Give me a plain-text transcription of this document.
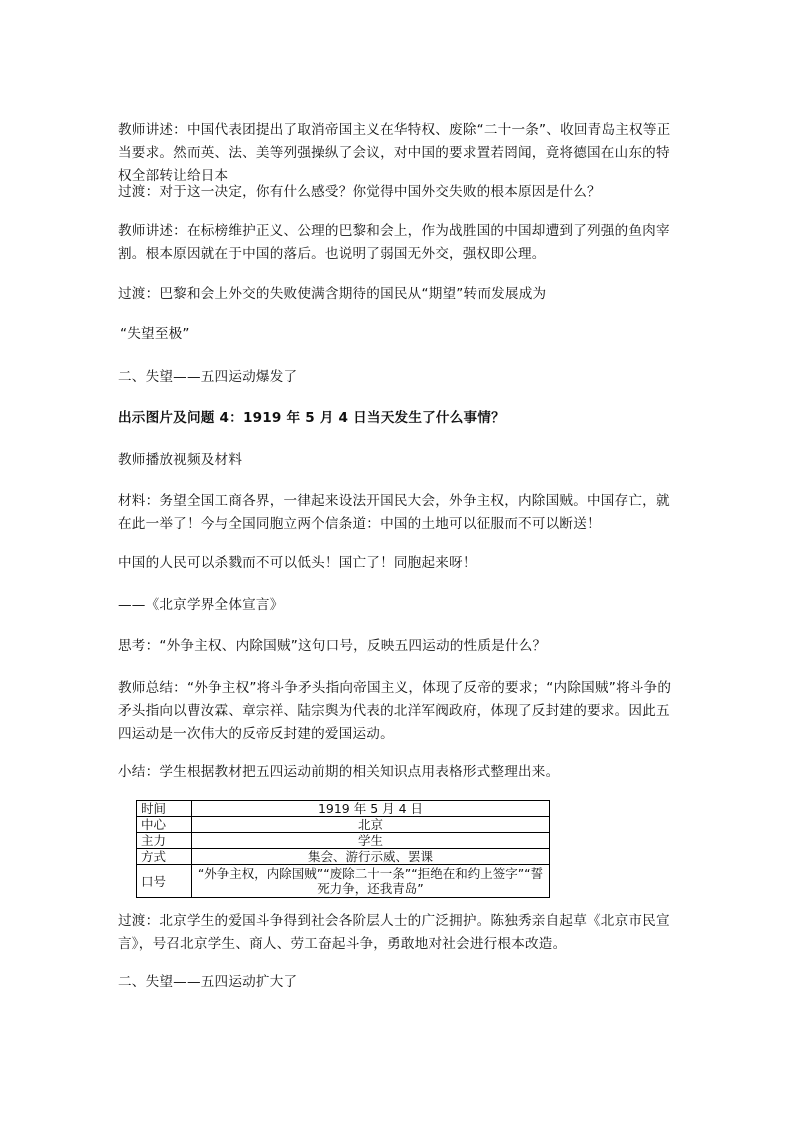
教师讲述：中国代表团提出了取消帝国主义在华特权、废除“二十一条”、收回青岛主权等正当要求。然而英、法、美等列强操纵了会议，对中国的要求置若罔闻，竟将德国在山东的特权全部转让给日本

过渡：对于这一决定，你有什么感受？你觉得中国外交失败的根本原因是什么？

教师讲述：在标榜维护正义、公理的巴黎和会上，作为战胜国的中国却遭到了列强的鱼肉宰割。根本原因就在于中国的落后。也说明了弱国无外交，强权即公理。

过渡：巴黎和会上外交的失败使满含期待的国民从“期望”转而发展成为

“失望至极”

二、失望——五四运动爆发了

出示图片及问题 4：1919 年 5 月 4 日当天发生了什么事情？

教师播放视频及材料

材料：务望全国工商各界，一律起来设法开国民大会，外争主权，内除国贼。中国存亡，就在此一举了！今与全国同胞立两个信条道：中国的土地可以征服而不可以断送！

中国的人民可以杀戮而不可以低头！国亡了！同胞起来呀！

——《北京学界全体宣言》

思考：“外争主权、内除国贼”这句口号，反映五四运动的性质是什么？

教师总结：“外争主权”将斗争矛头指向帝国主义，体现了反帝的要求；“内除国贼”将斗争的矛头指向以曹汝霖、章宗祥、陆宗舆为代表的北洋军阀政府，体现了反封建的要求。因此五四运动是一次伟大的反帝反封建的爱国运动。

小结：学生根据教材把五四运动前期的相关知识点用表格形式整理出来。

时间	1919 年 5 月 4 日
中心	北京
主力	学生
方式	集会、游行示威、罢课
口号	“外争主权，内除国贼”“废除二十一条”“拒绝在和约上签字”“誓死力争，还我青岛”

过渡：北京学生的爱国斗争得到社会各阶层人士的广泛拥护。陈独秀亲自起草《北京市民宣言》，号召北京学生、商人、劳工奋起斗争，勇敢地对社会进行根本改造。

二、失望——五四运动扩大了
